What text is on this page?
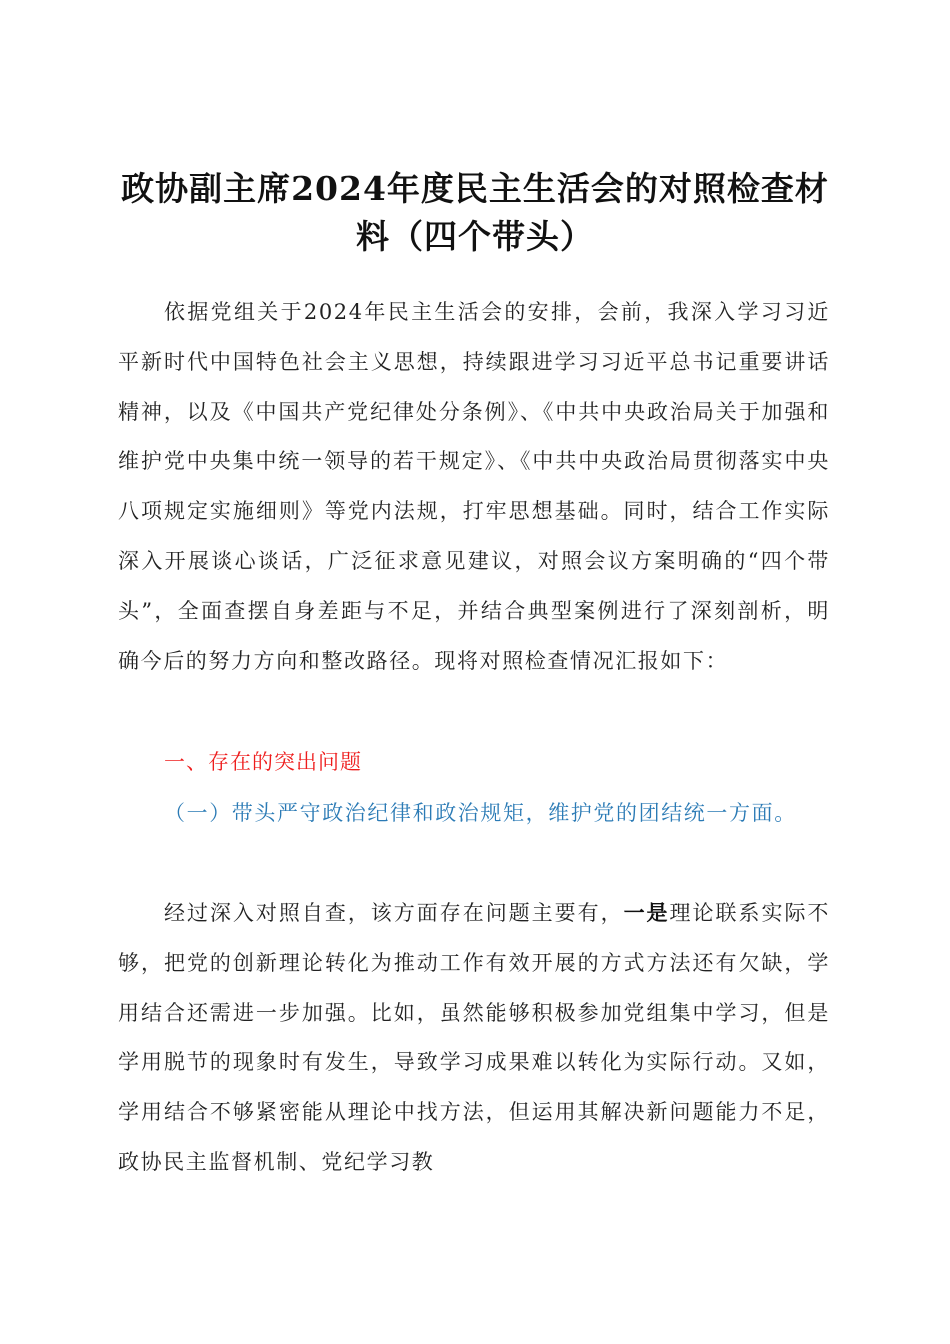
政协副主席2024年度民主生活会的对照检查材料（四个带头）
依据党组关于2024年民主生活会的安排，会前，我深入学习习近平新时代中国特色社会主义思想，持续跟进学习习近平总书记重要讲话精神，以及《中国共产党纪律处分条例》、《中共中央政治局关于加强和维护党中央集中统一领导的若干规定》、《中共中央政治局贯彻落实中央八项规定实施细则》等党内法规，打牢思想基础。同时，结合工作实际深入开展谈心谈话，广泛征求意见建议，对照会议方案明确的“四个带头”，全面查摆自身差距与不足，并结合典型案例进行了深刻剖析，明确今后的努力方向和整改路径。现将对照检查情况汇报如下：
一、存在的突出问题
（一）带头严守政治纪律和政治规矩，维护党的团结统一方面。
经过深入对照自查，该方面存在问题主要有，一是理论联系实际不够，把党的创新理论转化为推动工作有效开展的方式方法还有欠缺，学用结合还需进一步加强。比如，虽然能够积极参加党组集中学习，但是学用脱节的现象时有发生，导致学习成果难以转化为实际行动。又如，学用结合不够紧密能从理论中找方法，但运用其解决新问题能力不足，政协民主监督机制、党纪学习教
